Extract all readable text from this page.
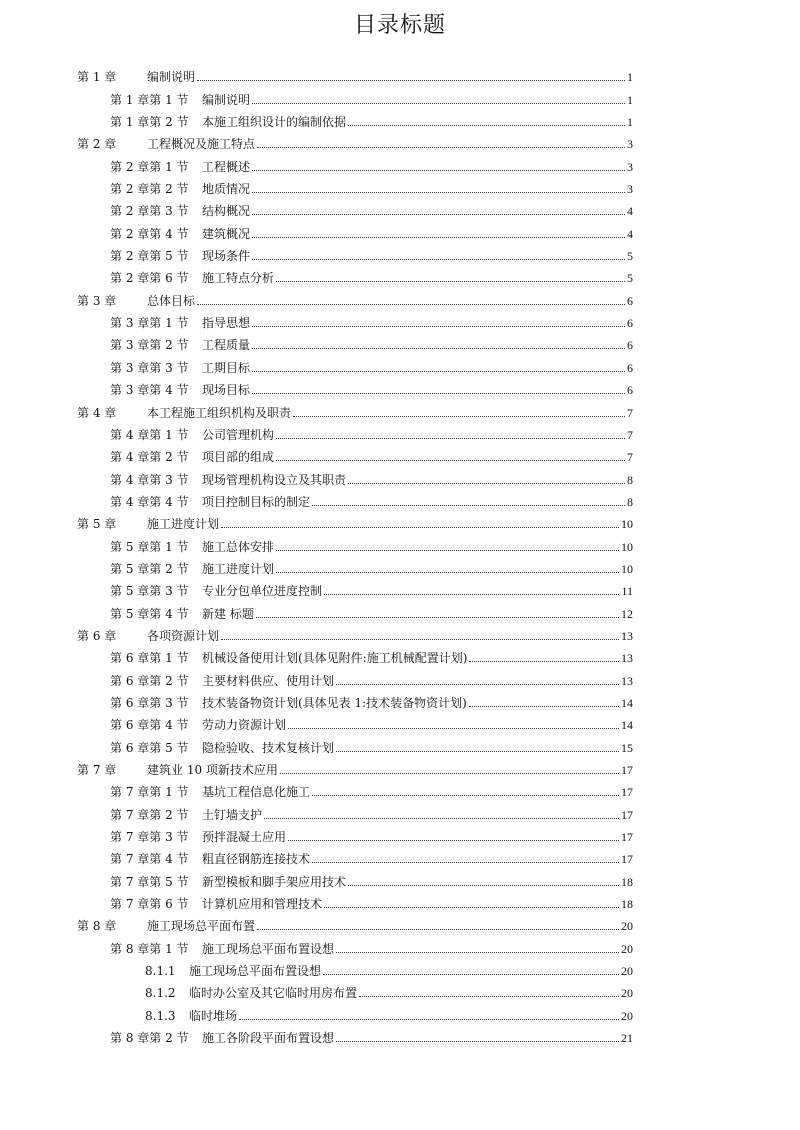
目录标题
第 1 章	编制说明	1
第 1 章第 1 节	编制说明	1
第 1 章第 2 节	本施工组织设计的编制依据	1
第 2 章	工程概况及施工特点	3
第 2 章第 1 节	工程概述	3
第 2 章第 2 节	地质情况	3
第 2 章第 3 节	结构概况	4
第 2 章第 4 节	建筑概况	4
第 2 章第 5 节	现场条件	5
第 2 章第 6 节	施工特点分析	5
第 3 章	总体目标	6
第 3 章第 1 节	指导思想	6
第 3 章第 2 节	工程质量	6
第 3 章第 3 节	工期目标	6
第 3 章第 4 节	现场目标	6
第 4 章	本工程施工组织机构及职责	7
第 4 章第 1 节	公司管理机构	7
第 4 章第 2 节	项目部的组成	7
第 4 章第 3 节	现场管理机构设立及其职责	8
第 4 章第 4 节	项目控制目标的制定	8
第 5 章	施工进度计划	10
第 5 章第 1 节	施工总体安排	10
第 5 章第 2 节	施工进度计划	10
第 5 章第 3 节	专业分包单位进度控制	11
第 5 章第 4 节	新建 标题	12
第 6 章	各项资源计划	13
第 6 章第 1 节	机械设备使用计划(具体见附件:施工机械配置计划)	13
第 6 章第 2 节	主要材料供应、使用计划	13
第 6 章第 3 节	技术装备物资计划(具体见表 1:技术装备物资计划)	14
第 6 章第 4 节	劳动力资源计划	14
第 6 章第 5 节	隐检验收、技术复核计划	15
第 7 章	建筑业 10 项新技术应用	17
第 7 章第 1 节	基坑工程信息化施工	17
第 7 章第 2 节	土钉墙支护	17
第 7 章第 3 节	预拌混凝土应用	17
第 7 章第 4 节	粗直径钢筋连接技术	17
第 7 章第 5 节	新型模板和脚手架应用技术	18
第 7 章第 6 节	计算机应用和管理技术	18
第 8 章	施工现场总平面布置	20
第 8 章第 1 节	施工现场总平面布置设想	20
8.1.1	施工现场总平面布置设想	20
8.1.2	临时办公室及其它临时用房布置	20
8.1.3	临时堆场	20
第 8 章第 2 节	施工各阶段平面布置设想	21
